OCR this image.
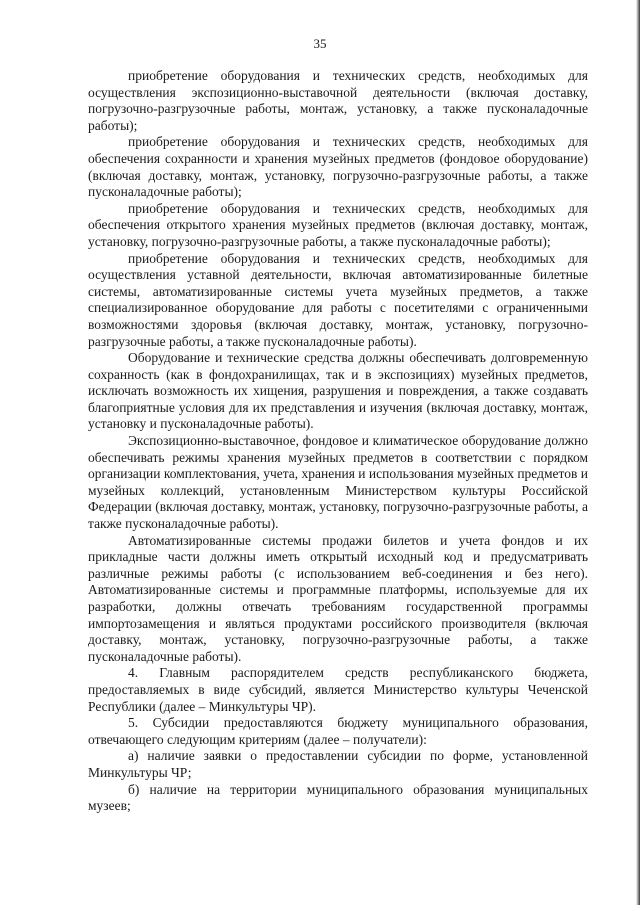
35

приобретение оборудования и технических средств, необходимых для осуществления экспозиционно-выставочной деятельности (включая доставку, погрузочно-разгрузочные работы, монтаж, установку, а также пусконаладочные работы);

приобретение оборудования и технических средств, необходимых для обеспечения сохранности и хранения музейных предметов (фондовое оборудование) (включая доставку, монтаж, установку, погрузочно-разгрузочные работы, а также пусконаладочные работы);

приобретение оборудования и технических средств, необходимых для обеспечения открытого хранения музейных предметов (включая доставку, монтаж, установку, погрузочно-разгрузочные работы, а также пусконаладочные работы);

приобретение оборудования и технических средств, необходимых для осуществления уставной деятельности, включая автоматизированные билетные системы, автоматизированные системы учета музейных предметов, а также специализированное оборудование для работы с посетителями с ограниченными возможностями здоровья (включая доставку, монтаж, установку, погрузочно-разгрузочные работы, а также пусконаладочные работы).

Оборудование и технические средства должны обеспечивать долговременную сохранность (как в фондохранилищах, так и в экспозициях) музейных предметов, исключать возможность их хищения, разрушения и повреждения, а также создавать благоприятные условия для их представления и изучения (включая доставку, монтаж, установку и пусконаладочные работы).

Экспозиционно-выставочное, фондовое и климатическое оборудование должно обеспечивать режимы хранения музейных предметов в соответствии с порядком организации комплектования, учета, хранения и использования музейных предметов и музейных коллекций, установленным Министерством культуры Российской Федерации (включая доставку, монтаж, установку, погрузочно-разгрузочные работы, а также пусконаладочные работы).

Автоматизированные системы продажи билетов и учета фондов и их прикладные части должны иметь открытый исходный код и предусматривать различные режимы работы (с использованием веб-соединения и без него). Автоматизированные системы и программные платформы, используемые для их разработки, должны отвечать требованиям государственной программы импортозамещения и являться продуктами российского производителя (включая доставку, монтаж, установку, погрузочно-разгрузочные работы, а также пусконаладочные работы).

4. Главным распорядителем средств республиканского бюджета, предоставляемых в виде субсидий, является Министерство культуры Чеченской Республики (далее – Минкультуры ЧР).

5. Субсидии предоставляются бюджету муниципального образования, отвечающего следующим критериям (далее – получатели):

а) наличие заявки о предоставлении субсидии по форме, установленной Минкультуры ЧР;

б) наличие на территории муниципального образования муниципальных музеев;
